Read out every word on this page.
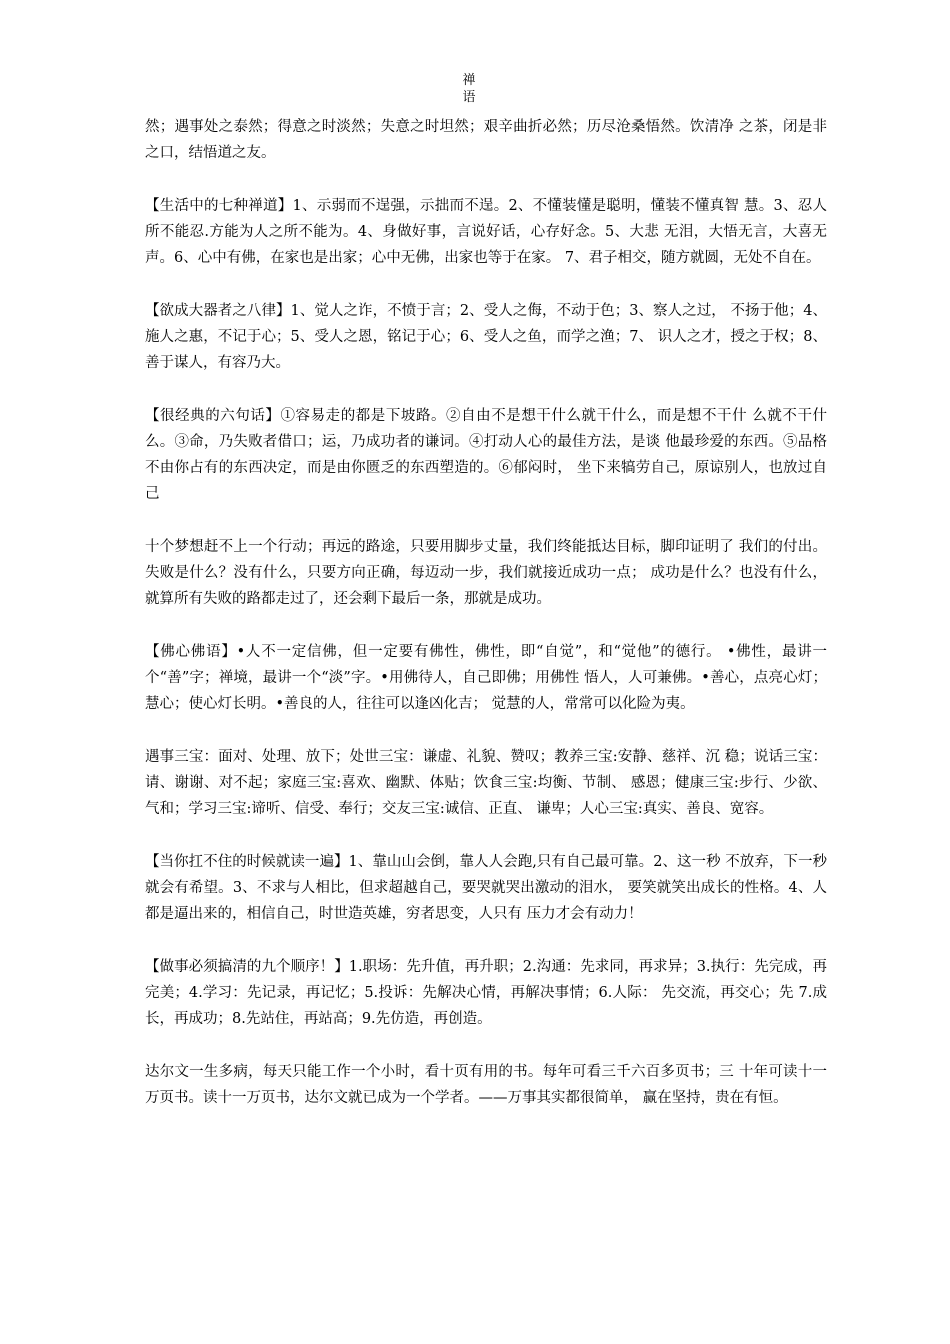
禅
语

然；遇事处之泰然；得意之时淡然；失意之时坦然；艰辛曲折必然；历尽沧桑悟然。饮清净 之茶，闭是非之口，结悟道之友。

【生活中的七种禅道】1、示弱而不逞强，示拙而不逞。2、不懂装懂是聪明，懂装不懂真智 慧。3、忍人所不能忍.方能为人之所不能为。4、身做好事，言说好话，心存好念。5、大悲 无泪，大悟无言，大喜无声。6、心中有佛，在家也是出家；心中无佛，出家也等于在家。 7、君子相交，随方就圆，无处不自在。

【欲成大器者之八律】1、觉人之诈，不愤于言；2、受人之侮，不动于色；3、察人之过， 不扬于他；4、施人之惠，不记于心；5、受人之恩，铭记于心；6、受人之鱼，而学之渔；7、 识人之才，授之于权；8、善于谋人，有容乃大。

【很经典的六句话】①容易走的都是下坡路。②自由不是想干什么就干什么，而是想不干什 么就不干什么。③命，乃失败者借口；运，乃成功者的谦词。④打动人心的最佳方法，是谈 他最珍爱的东西。⑤品格不由你占有的东西决定，而是由你匮乏的东西塑造的。⑥郁闷时， 坐下来犒劳自己，原谅别人，也放过自己

十个梦想赶不上一个行动；再远的路途，只要用脚步丈量，我们终能抵达目标，脚印证明了 我们的付出。失败是什么？没有什么，只要方向正确，每迈动一步，我们就接近成功一点； 成功是什么？也没有什么，就算所有失败的路都走过了，还会剩下最后一条，那就是成功。

【佛心佛语】•人不一定信佛，但一定要有佛性，佛性，即“自觉”，和“觉他”的德行。 •佛性，最讲一个“善”字；禅境，最讲一个“淡”字。•用佛待人，自己即佛；用佛性 悟人，人可兼佛。•善心，点亮心灯；慧心；使心灯长明。•善良的人，往往可以逢凶化吉； 觉慧的人，常常可以化险为夷。

遇事三宝：面对、处理、放下；处世三宝：谦虚、礼貌、赞叹；教养三宝:安静、慈祥、沉 稳；说话三宝：请、谢谢、对不起；家庭三宝:喜欢、幽默、体贴；饮食三宝:均衡、节制、 感恩；健康三宝:步行、少欲、气和；学习三宝:谛听、信受、奉行；交友三宝:诚信、正直、 谦卑；人心三宝:真实、善良、宽容。

【当你扛不住的时候就读一遍】1、靠山山会倒，靠人人会跑,只有自己最可靠。2、这一秒 不放弃，下一秒就会有希望。3、不求与人相比，但求超越自己，要哭就哭出激动的泪水， 要笑就笑出成长的性格。4、人都是逼出来的，相信自己，时世造英雄，穷者思变，人只有 压力才会有动力！

【做事必须搞清的九个顺序！】1.职场：先升值，再升职；2.沟通：先求同，再求异；3.执行：先完成，再完美；4.学习：先记录，再记忆；5.投诉：先解决心情，再解决事情；6.人际： 先交流，再交心；先 7.成长，再成功；8.先站住，再站高；9.先仿造，再创造。

达尔文一生多病，每天只能工作一个小时，看十页有用的书。每年可看三千六百多页书；三 十年可读十一万页书。读十一万页书，达尔文就已成为一个学者。——万事其实都很简单， 赢在坚持，贵在有恒。
